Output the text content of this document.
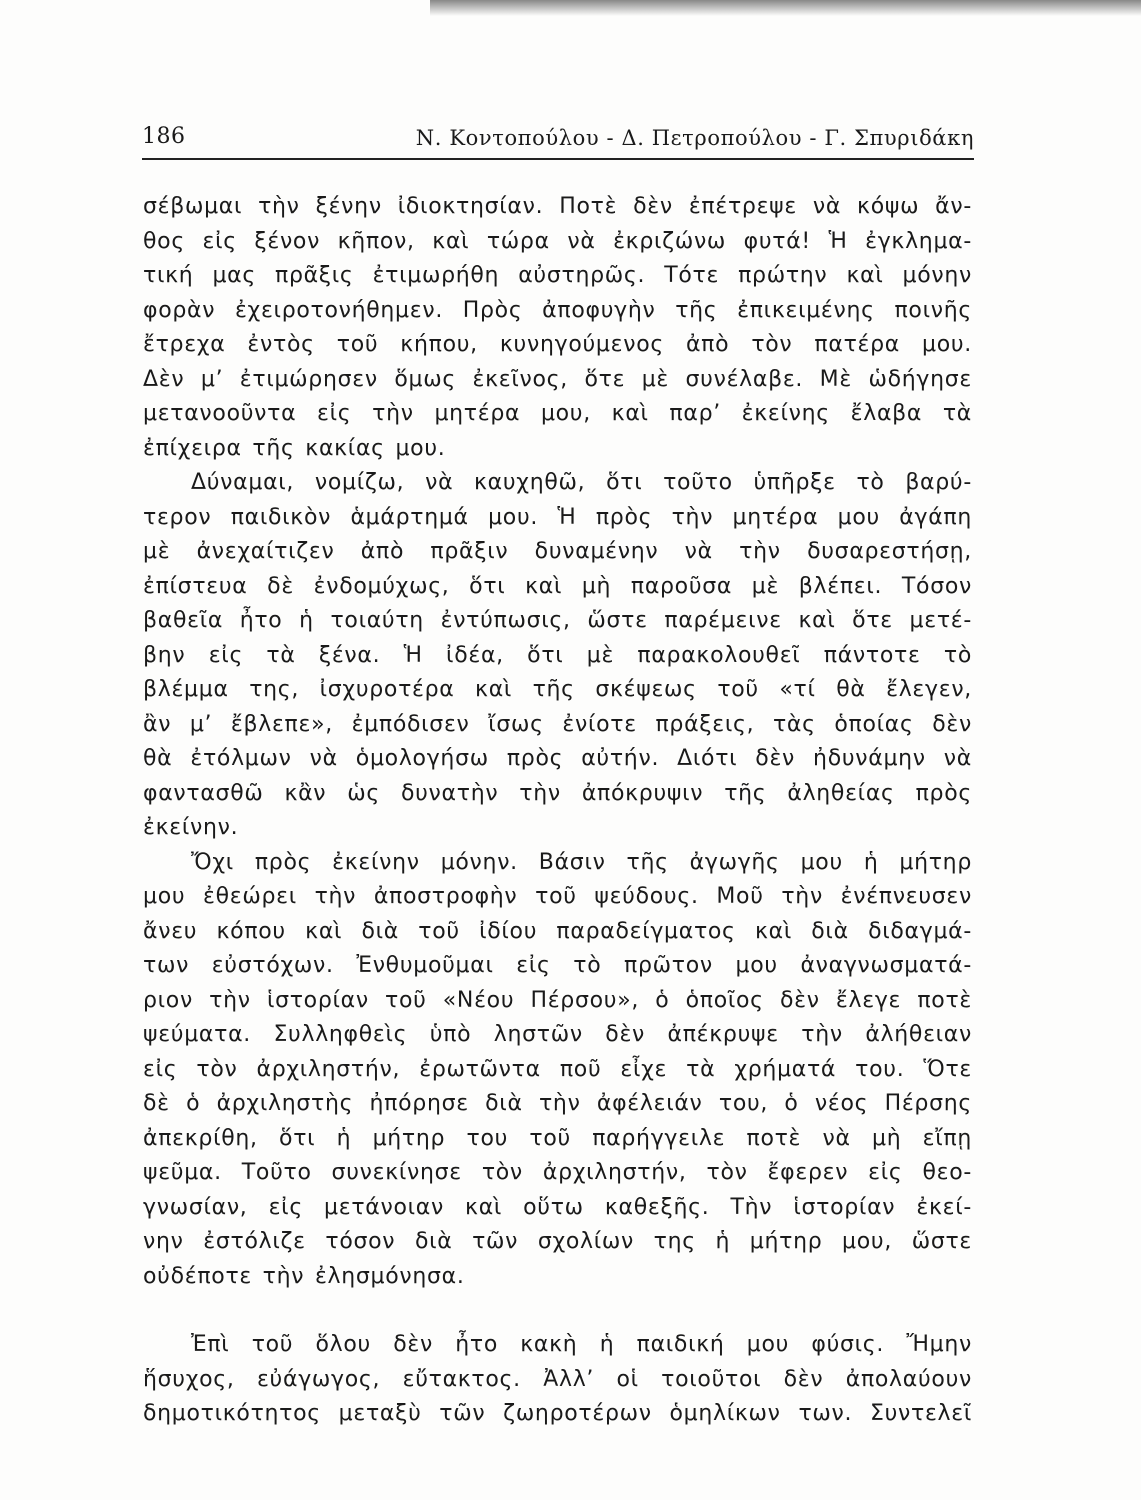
186	Ν. Κοντοπούλου - Δ. Πετροπούλου - Γ. Σπυριδάκη
σέβωμαι τὴν ξένην ἰδιοκτησίαν. Ποτὲ δὲν ἐπέτρεψε νὰ κόψω ἄν-
θος εἰς ξένον κῆπον, καὶ τώρα νὰ ἐκριζώνω φυτά! Ἡ ἐγκλημα-
τική μας πρᾶξις ἐτιμωρήθη αὐστηρῶς. Τότε πρώτην καὶ μόνην
φορὰν ἐχειροτονήθημεν. Πρὸς ἀποφυγὴν τῆς ἐπικειμένης ποινῆς
ἔτρεχα ἐντὸς τοῦ κήπου, κυνηγούμενος ἀπὸ τὸν πατέρα μου.
Δὲν μ’ ἐτιμώρησεν ὅμως ἐκεῖνος, ὅτε μὲ συνέλαβε. Μὲ ὡδήγησε
μετανοοῦντα εἰς τὴν μητέρα μου, καὶ παρ’ ἐκείνης ἔλαβα τὰ
ἐπίχειρα τῆς κακίας μου.
Δύναμαι, νομίζω, νὰ καυχηθῶ, ὅτι τοῦτο ὑπῆρξε τὸ βαρύ-
τερον παιδικὸν ἁμάρτημά μου. Ἡ πρὸς τὴν μητέρα μου ἀγάπη
μὲ ἀνεχαίτιζεν ἀπὸ πρᾶξιν δυναμένην νὰ τὴν δυσαρεστήσῃ,
ἐπίστευα δὲ ἐνδομύχως, ὅτι καὶ μὴ παροῦσα μὲ βλέπει. Τόσον
βαθεῖα ἦτο ἡ τοιαύτη ἐντύπωσις, ὥστε παρέμεινε καὶ ὅτε μετέ-
βην εἰς τὰ ξένα. Ἡ ἰδέα, ὅτι μὲ παρακολουθεῖ πάντοτε τὸ
βλέμμα της, ἰσχυροτέρα καὶ τῆς σκέψεως τοῦ «τί θὰ ἔλεγεν,
ἂν μ’ ἔβλεπε», ἐμπόδισεν ἴσως ἐνίοτε πράξεις, τὰς ὁποίας δὲν
θὰ ἐτόλμων νὰ ὁμολογήσω πρὸς αὐτήν. Διότι δὲν ἠδυνάμην νὰ
φαντασθῶ κἂν ὡς δυνατὴν τὴν ἀπόκρυψιν τῆς ἀληθείας πρὸς
ἐκείνην.
Ὄχι πρὸς ἐκείνην μόνην. Βάσιν τῆς ἀγωγῆς μου ἡ μήτηρ
μου ἐθεώρει τὴν ἀποστροφὴν τοῦ ψεύδους. Μοῦ τὴν ἐνέπνευσεν
ἄνευ κόπου καὶ διὰ τοῦ ἰδίου παραδείγματος καὶ διὰ διδαγμά-
των εὐστόχων. Ἐνθυμοῦμαι εἰς τὸ πρῶτον μου ἀναγνωσματά-
ριον τὴν ἱστορίαν τοῦ «Νέου Πέρσου», ὁ ὁποῖος δὲν ἔλεγε ποτὲ
ψεύματα. Συλληφθεὶς ὑπὸ ληστῶν δὲν ἀπέκρυψε τὴν ἀλήθειαν
εἰς τὸν ἀρχιληστήν, ἐρωτῶντα ποῦ εἶχε τὰ χρήματά του. Ὅτε
δὲ ὁ ἀρχιληστὴς ἠπόρησε διὰ τὴν ἀφέλειάν του, ὁ νέος Πέρσης
ἀπεκρίθη, ὅτι ἡ μήτηρ του τοῦ παρήγγειλε ποτὲ νὰ μὴ εἴπῃ
ψεῦμα. Τοῦτο συνεκίνησε τὸν ἀρχιληστήν, τὸν ἔφερεν εἰς θεο-
γνωσίαν, εἰς μετάνοιαν καὶ οὕτω καθεξῆς. Τὴν ἱστορίαν ἐκεί-
νην ἐστόλιζε τόσον διὰ τῶν σχολίων της ἡ μήτηρ μου, ὥστε
οὐδέποτε τὴν ἐλησμόνησα.
Ἐπὶ τοῦ ὅλου δὲν ἦτο κακὴ ἡ παιδική μου φύσις. Ἤμην
ἥσυχος, εὐάγωγος, εὔτακτος. Ἀλλ’ οἱ τοιοῦτοι δὲν ἀπολαύουν
δημοτικότητος μεταξὺ τῶν ζωηροτέρων ὁμηλίκων των. Συντελεῖ
